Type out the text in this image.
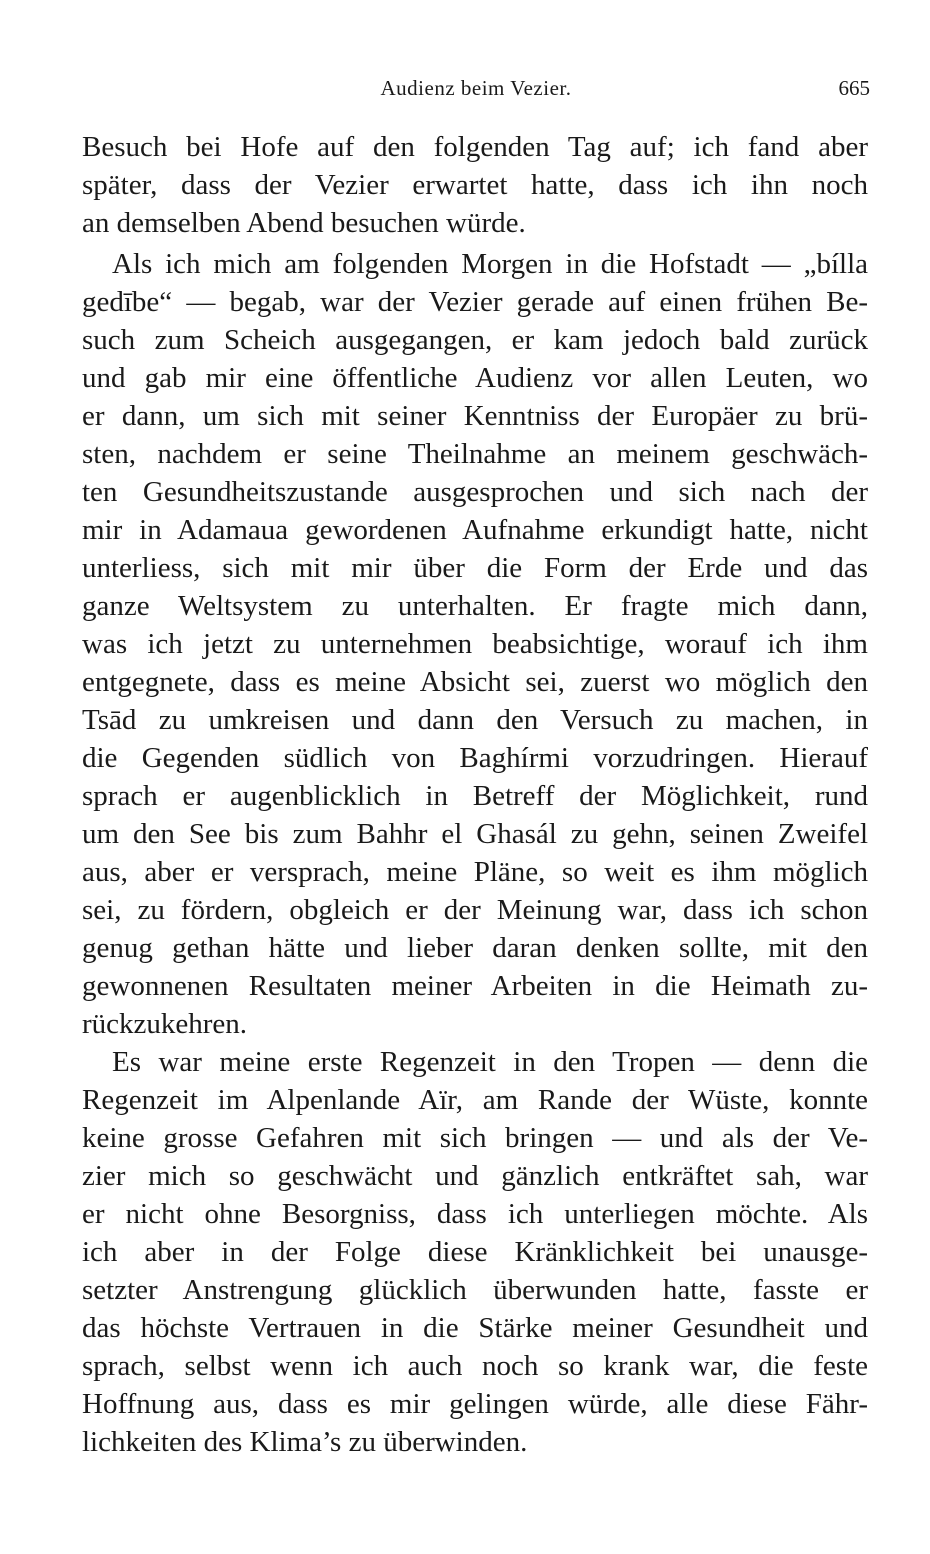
Audienz beim Vezier.	665
Besuch bei Hofe auf den folgenden Tag auf; ich fand aber
später, dass der Vezier erwartet hatte, dass ich ihn noch
an demselben Abend besuchen würde.
Als ich mich am folgenden Morgen in die Hofstadt — „bílla
gedībe“ — begab, war der Vezier gerade auf einen frühen Be-
such zum Scheich ausgegangen, er kam jedoch bald zurück
und gab mir eine öffentliche Audienz vor allen Leuten, wo
er dann, um sich mit seiner Kenntniss der Europäer zu brü-
sten, nachdem er seine Theilnahme an meinem geschwäch-
ten Gesundheitszustande ausgesprochen und sich nach der
mir in Adamaua gewordenen Aufnahme erkundigt hatte, nicht
unterliess, sich mit mir über die Form der Erde und das
ganze Weltsystem zu unterhalten. Er fragte mich dann,
was ich jetzt zu unternehmen beabsichtige, worauf ich ihm
entgegnete, dass es meine Absicht sei, zuerst wo möglich den
Tsād zu umkreisen und dann den Versuch zu machen, in
die Gegenden südlich von Baghírmi vorzudringen. Hierauf
sprach er augenblicklich in Betreff der Möglichkeit, rund
um den See bis zum Bahhr el Ghasál zu gehn, seinen Zweifel
aus, aber er versprach, meine Pläne, so weit es ihm möglich
sei, zu fördern, obgleich er der Meinung war, dass ich schon
genug gethan hätte und lieber daran denken sollte, mit den
gewonnenen Resultaten meiner Arbeiten in die Heimath zu-
rückzukehren.
Es war meine erste Regenzeit in den Tropen — denn die
Regenzeit im Alpenlande Aïr, am Rande der Wüste, konnte
keine grosse Gefahren mit sich bringen — und als der Ve-
zier mich so geschwächt und gänzlich entkräftet sah, war
er nicht ohne Besorgniss, dass ich unterliegen möchte. Als
ich aber in der Folge diese Kränklichkeit bei unausge-
setzter Anstrengung glücklich überwunden hatte, fasste er
das höchste Vertrauen in die Stärke meiner Gesundheit und
sprach, selbst wenn ich auch noch so krank war, die feste
Hoffnung aus, dass es mir gelingen würde, alle diese Fähr-
lichkeiten des Klima’s zu überwinden.
